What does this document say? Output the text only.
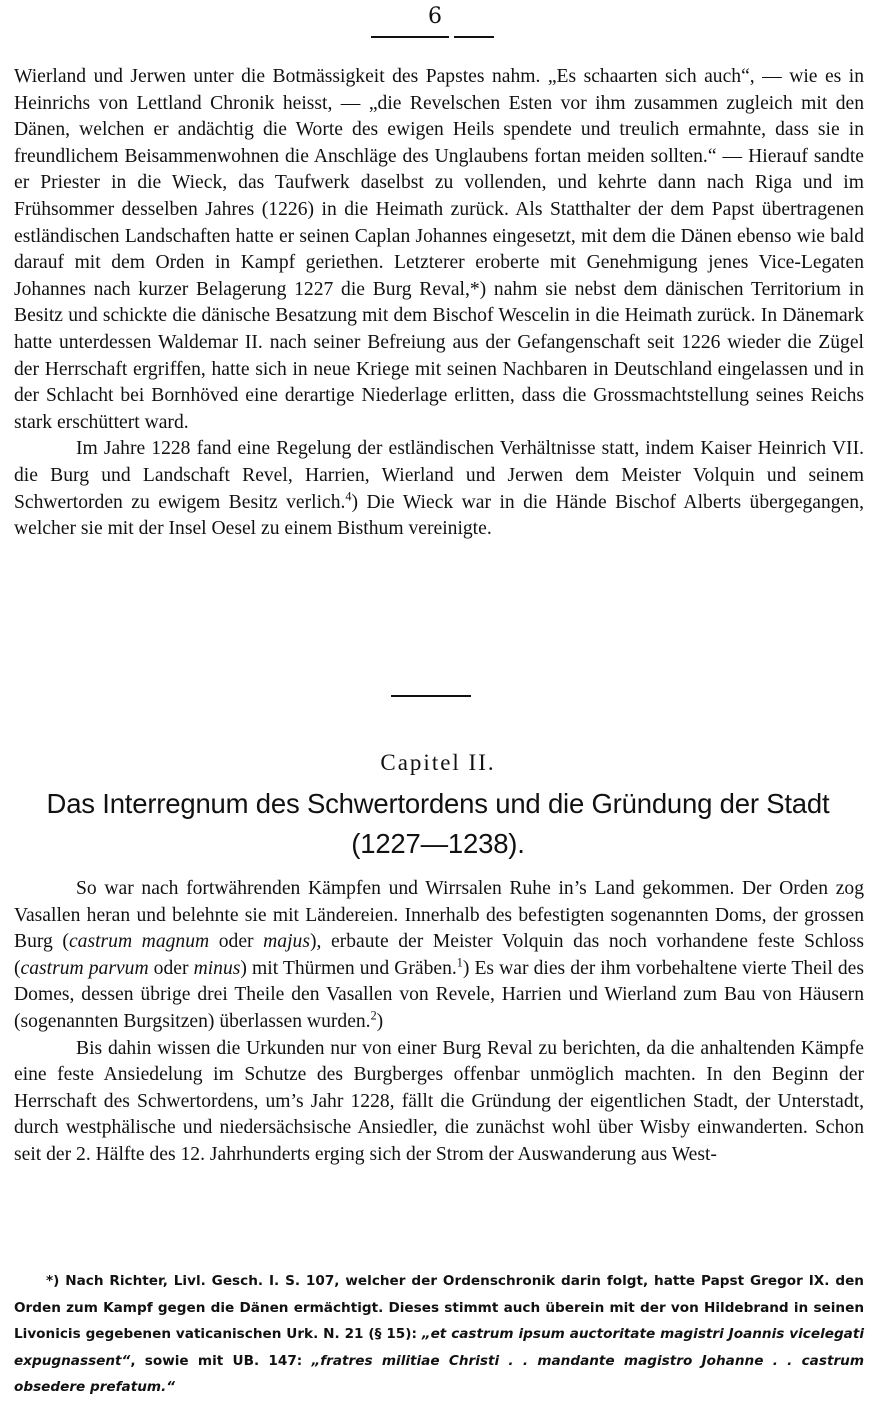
6

Wierland und Jerwen unter die Botmässigkeit des Papstes nahm. „Es schaarten sich auch“, — wie es in Heinrichs von Lettland Chronik heisst, — „die Revelschen Esten vor ihm zusammen zugleich mit den Dänen, welchen er andächtig die Worte des ewigen Heils spendete und treulich ermahnte, dass sie in freundlichem Beisammenwohnen die Anschläge des Unglaubens fortan meiden sollten.“ — Hierauf sandte er Priester in die Wieck, das Taufwerk daselbst zu vollenden, und kehrte dann nach Riga und im Frühsommer desselben Jahres (1226) in die Heimath zurück. Als Statthalter der dem Papst übertragenen estländischen Landschaften hatte er seinen Caplan Johannes eingesetzt, mit dem die Dänen ebenso wie bald darauf mit dem Orden in Kampf geriethen. Letzterer eroberte mit Genehmigung jenes Vice-Legaten Johannes nach kurzer Belagerung 1227 die Burg Reval,*) nahm sie nebst dem dänischen Territorium in Besitz und schickte die dänische Besatzung mit dem Bischof Wescelin in die Heimath zurück. In Dänemark hatte unterdessen Waldemar II. nach seiner Befreiung aus der Gefangenschaft seit 1226 wieder die Zügel der Herrschaft ergriffen, hatte sich in neue Kriege mit seinen Nachbaren in Deutschland eingelassen und in der Schlacht bei Bornhöved eine derartige Niederlage erlitten, dass die Grossmachtstellung seines Reichs stark erschüttert ward.

Im Jahre 1228 fand eine Regelung der estländischen Verhältnisse statt, indem Kaiser Heinrich VII. die Burg und Landschaft Revel, Harrien, Wierland und Jerwen dem Meister Volquin und seinem Schwertorden zu ewigem Besitz verlich.$^4$) Die Wieck war in die Hände Bischof Alberts übergegangen, welcher sie mit der Insel Oesel zu einem Bisthum vereinigte.

Capitel II.
Das Interregnum des Schwertordens und die Gründung der Stadt
(1227—1238).

So war nach fortwährenden Kämpfen und Wirrsalen Ruhe in’s Land gekommen. Der Orden zog Vasallen heran und belehnte sie mit Ländereien. Innerhalb des befestigten sogenannten Doms, der grossen Burg (castrum magnum oder majus), erbaute der Meister Volquin das noch vorhandene feste Schloss (castrum parvum oder minus) mit Thürmen und Gräben.$^1$) Es war dies der ihm vorbehaltene vierte Theil des Domes, dessen übrige drei Theile den Vasallen von Revele, Harrien und Wierland zum Bau von Häusern (sogenannten Burgsitzen) überlassen wurden.$^2$)

Bis dahin wissen die Urkunden nur von einer Burg Reval zu berichten, da die anhaltenden Kämpfe eine feste Ansiedelung im Schutze des Burgberges offenbar unmöglich machten. In den Beginn der Herrschaft des Schwertordens, um’s Jahr 1228, fällt die Gründung der eigentlichen Stadt, der Unterstadt, durch westphälische und niedersächsische Ansiedler, die zunächst wohl über Wisby einwanderten. Schon seit der 2. Hälfte des 12. Jahrhunderts erging sich der Strom der Auswanderung aus West-

*) Nach Richter, Livl. Gesch. I. S. 107, welcher der Ordenschronik darin folgt, hatte Papst Gregor IX. den Orden zum Kampf gegen die Dänen ermächtigt. Dieses stimmt auch überein mit der von Hildebrand in seinen Livonicis gegebenen vaticanischen Urk. N. 21 (§ 15): „et castrum ipsum auctoritate magistri Joannis vicelegati expugnassent“, sowie mit UB. 147: „fratres militiae Christi . . mandante magistro Johanne . . castrum obsedere prefatum.“
